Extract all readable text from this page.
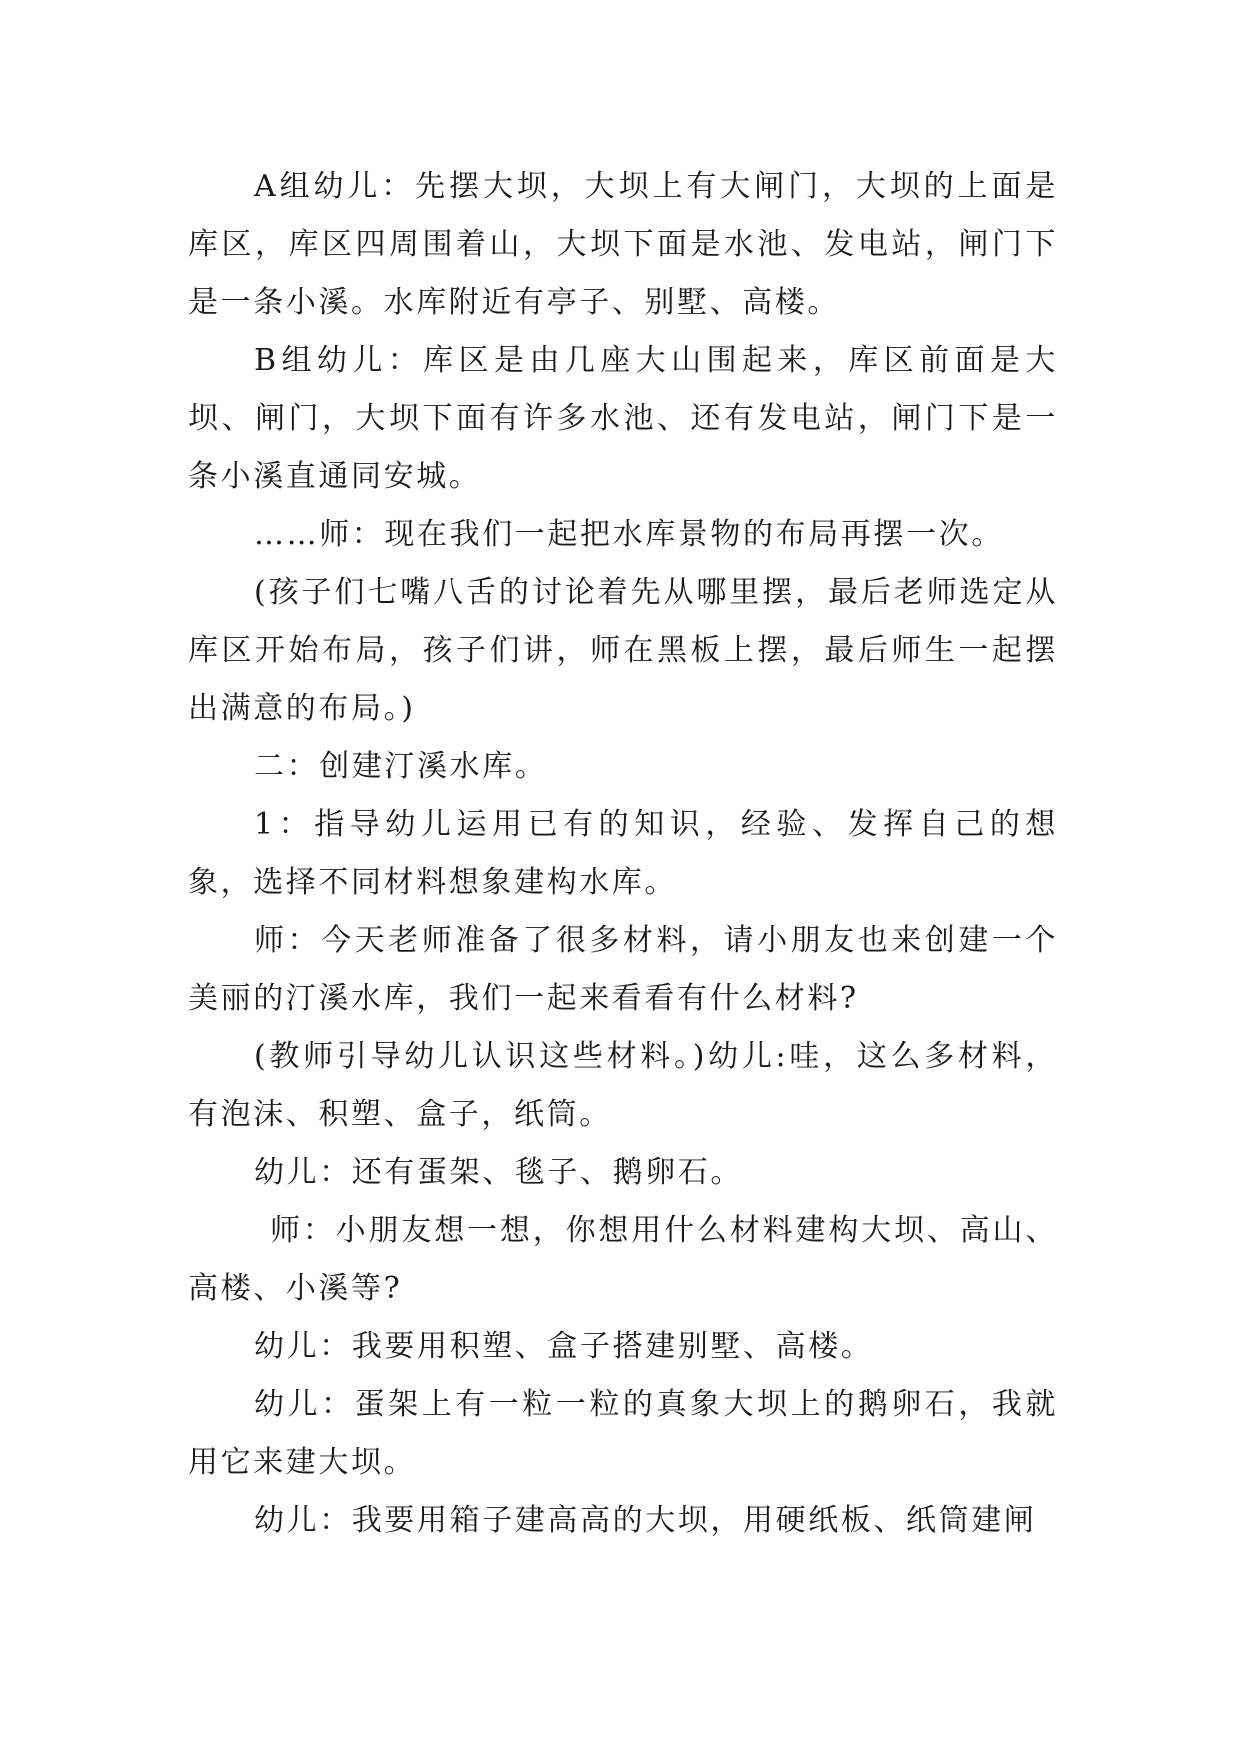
A组幼儿：先摆大坝，大坝上有大闸门，大坝的上面是库区，库区四周围着山，大坝下面是水池、发电站，闸门下是一条小溪。水库附近有亭子、别墅、高楼。

B组幼儿：库区是由几座大山围起来，库区前面是大坝、闸门，大坝下面有许多水池、还有发电站，闸门下是一条小溪直通同安城。

……师：现在我们一起把水库景物的布局再摆一次。

(孩子们七嘴八舌的讨论着先从哪里摆，最后老师选定从库区开始布局，孩子们讲，师在黑板上摆，最后师生一起摆出满意的布局。)

二：创建汀溪水库。

1：指导幼儿运用已有的知识，经验、发挥自己的想象，选择不同材料想象建构水库。

师：今天老师准备了很多材料，请小朋友也来创建一个美丽的汀溪水库，我们一起来看看有什么材料?

(教师引导幼儿认识这些材料。)幼儿:哇，这么多材料，有泡沫、积塑、盒子，纸筒。

幼儿：还有蛋架、毯子、鹅卵石。

师：小朋友想一想，你想用什么材料建构大坝、高山、高楼、小溪等?

幼儿：我要用积塑、盒子搭建别墅、高楼。

幼儿：蛋架上有一粒一粒的真象大坝上的鹅卵石，我就用它来建大坝。

幼儿：我要用箱子建高高的大坝，用硬纸板、纸筒建闸
